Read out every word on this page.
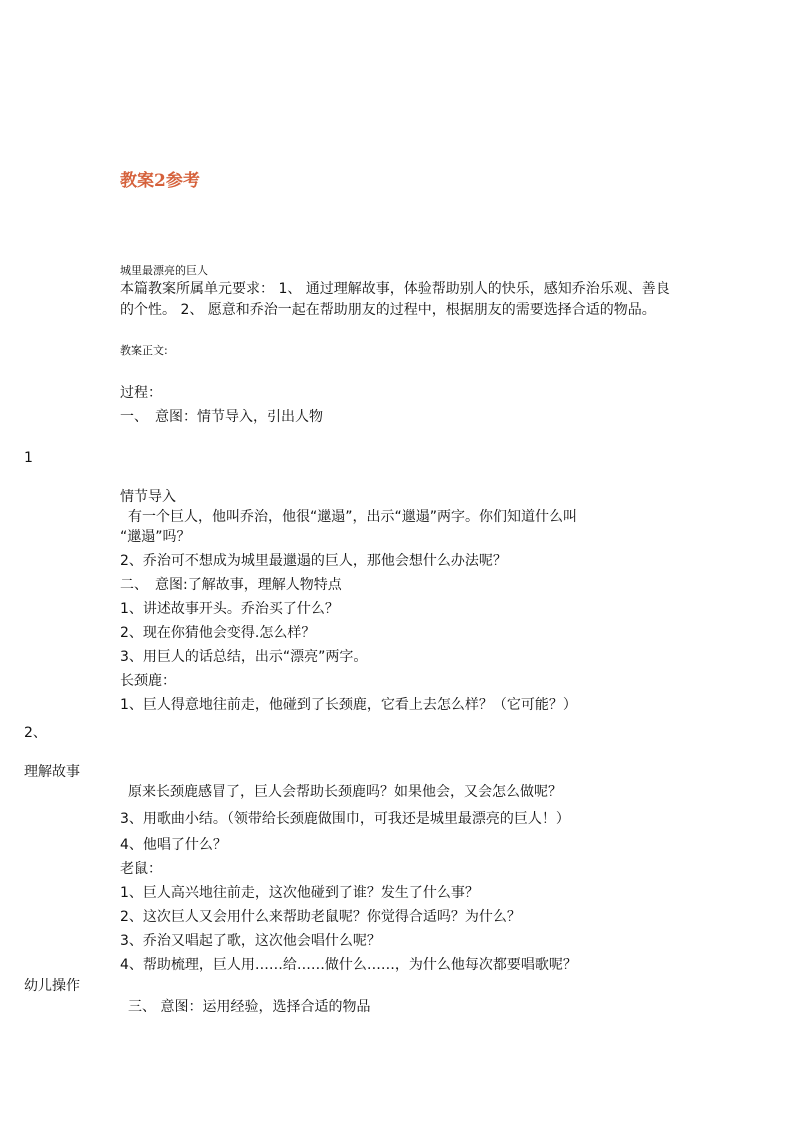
教案2参考
城里最漂亮的巨人
本篇教案所属单元要求： 1、 通过理解故事，体验帮助别人的快乐，感知乔治乐观、善良
的个性。 2、 愿意和乔治一起在帮助朋友的过程中，根据朋友的需要选择合适的物品。
教案正文:
过程：
一、　意图：情节导入，引出人物
1
情节导入
有一个巨人，他叫乔治，他很“邋遢”，出示“邋遢”两字。你们知道什么叫
“邋遢”吗？
2、乔治可不想成为城里最邋遢的巨人，那他会想什么办法呢？
二、　意图:了解故事，理解人物特点
1、讲述故事开头。乔治买了什么？
2、现在你猜他会变得.怎么样？
3、用巨人的话总结，出示“漂亮”两字。
长颈鹿：
1、巨人得意地往前走，他碰到了长颈鹿，它看上去怎么样？（它可能？）
2、
理解故事
原来长颈鹿感冒了，巨人会帮助长颈鹿吗？如果他会，又会怎么做呢？
3、用歌曲小结。（领带给长颈鹿做围巾，可我还是城里最漂亮的巨人！）
4、他唱了什么？
老鼠：
1、巨人高兴地往前走，这次他碰到了谁？发生了什么事？
2、这次巨人又会用什么来帮助老鼠呢？你觉得合适吗？为什么？
3、乔治又唱起了歌，这次他会唱什么呢？
4、帮助梳理，巨人用……给……做什么……，为什么他每次都要唱歌呢？
幼儿操作
三、 意图：运用经验，选择合适的物品
